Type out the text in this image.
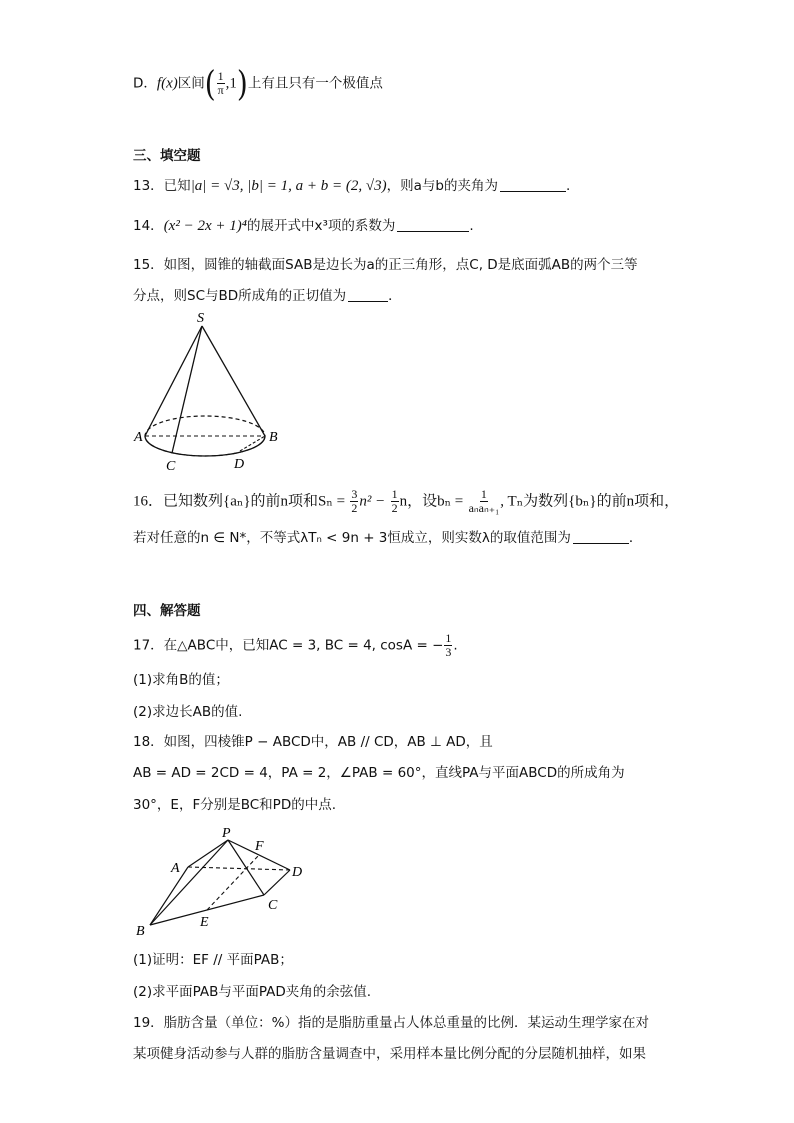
D．f(x)区间( $\frac{1}{\pi} ,1$)上有且只有一个极值点
三、填空题
13．已知|a| = √3, |b| = 1, a + b = (2, √3)，则a与b的夹角为	.
14．(x² − 2x + 1)⁴的展开式中x³项的系数为	.
15．如图，圆锥的轴截面SAB是边长为a的正三角形，点C, D是底面弧AB的两个三等
分点，则SC与BD所成角的正切值为	．
S
A	B
C	D
16．已知数列{aₙ}的前n项和$S_n = \frac{3}{2} n^2 - \frac{1}{2}$ n，设$b_n = \frac{1}{\text{aₙaₙ₊₁}}$ , Tₙ为数列{bₙ}的前n项和，
若对任意的n ∈ N*，不等式λTₙ < 9n + 3恒成立，则实数λ的取值范围为	．
四、解答题
17．在△ABC中，已知AC = 3, BC = 4, cosA = − $\frac{1}{3}$ .
(1)求角B的值；
(2)求边长AB的值.
18．如图，四棱锥P − ABCD中，AB // CD，AB ⊥ AD，且
AB = AD = 2CD = 4，PA = 2，∠PAB = 60°，直线PA与平面ABCD的所成角为
30°，E，F分别是BC和PD的中点.
P
F
A	D
C
E
B
(1)证明：EF // 平面PAB；
(2)求平面PAB与平面PAD夹角的余弦值.
19．脂肪含量（单位：%）指的是脂肪重量占人体总重量的比例．某运动生理学家在对
某项健身活动参与人群的脂肪含量调查中，采用样本量比例分配的分层随机抽样，如果
